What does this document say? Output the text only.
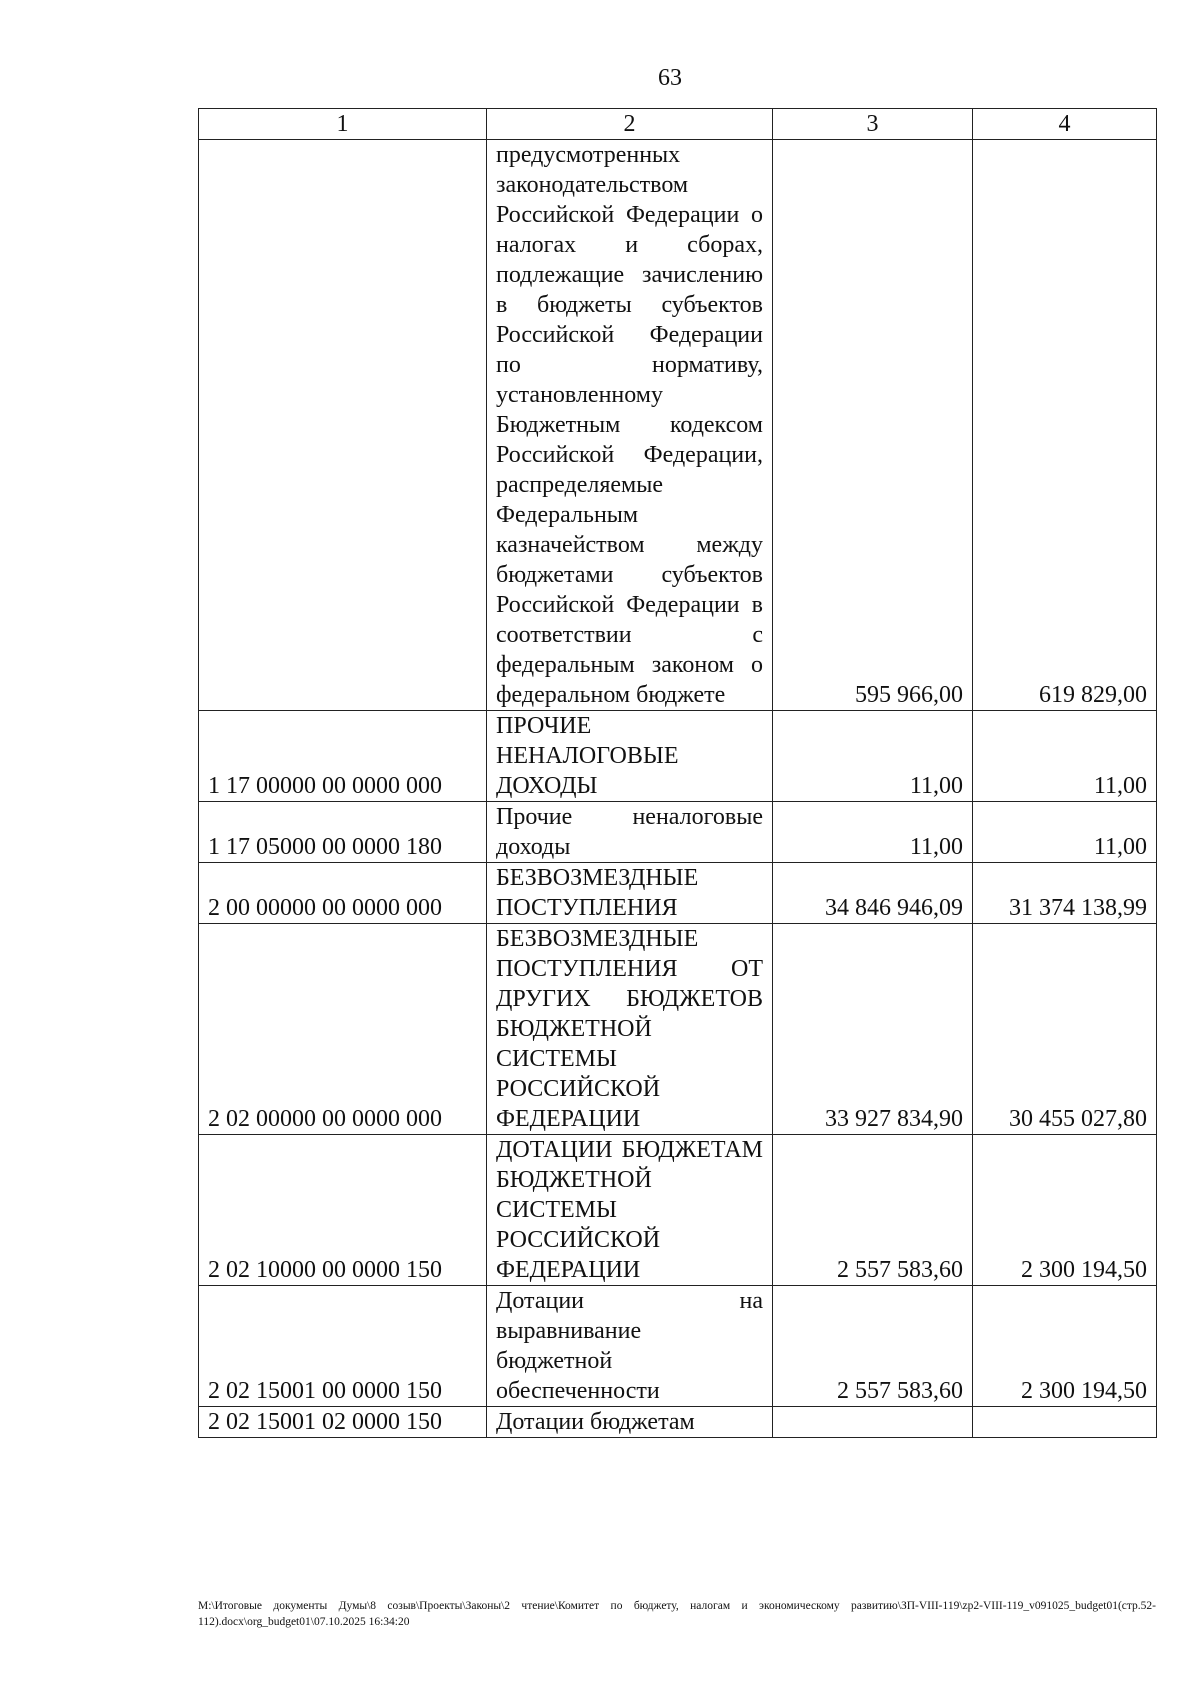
63
1	2	3	4
	предусмотренных законодательством Российской Федерации о налогах и сборах, подлежащие зачислению в бюджеты субъектов Российской Федерации по нормативу, установленному Бюджетным кодексом Российской Федерации, распределяемые Федеральным казначейством между бюджетами субъектов Российской Федерации в соответствии с федеральным законом о федеральном бюджете	595 966,00	619 829,00
1 17 00000 00 0000 000	ПРОЧИЕ НЕНАЛОГОВЫЕ ДОХОДЫ	11,00	11,00
1 17 05000 00 0000 180	Прочие неналоговые доходы	11,00	11,00
2 00 00000 00 0000 000	БЕЗВОЗМЕЗДНЫЕ ПОСТУПЛЕНИЯ	34 846 946,09	31 374 138,99
2 02 00000 00 0000 000	БЕЗВОЗМЕЗДНЫЕ ПОСТУПЛЕНИЯ ОТ ДРУГИХ БЮДЖЕТОВ БЮДЖЕТНОЙ СИСТЕМЫ РОССИЙСКОЙ ФЕДЕРАЦИИ	33 927 834,90	30 455 027,80
2 02 10000 00 0000 150	ДОТАЦИИ БЮДЖЕТАМ БЮДЖЕТНОЙ СИСТЕМЫ РОССИЙСКОЙ ФЕДЕРАЦИИ	2 557 583,60	2 300 194,50
2 02 15001 00 0000 150	Дотации на выравнивание бюджетной обеспеченности	2 557 583,60	2 300 194,50
2 02 15001 02 0000 150	Дотации бюджетам		
М:\Итоговые документы Думы\8 созыв\Проекты\Законы\2 чтение\Комитет по бюджету, налогам и экономическому развитию\ЗП-VIII-119\zp2-VIII-119_v091025_budget01(стр.52-112).docx\org_budget01\07.10.2025 16:34:20
